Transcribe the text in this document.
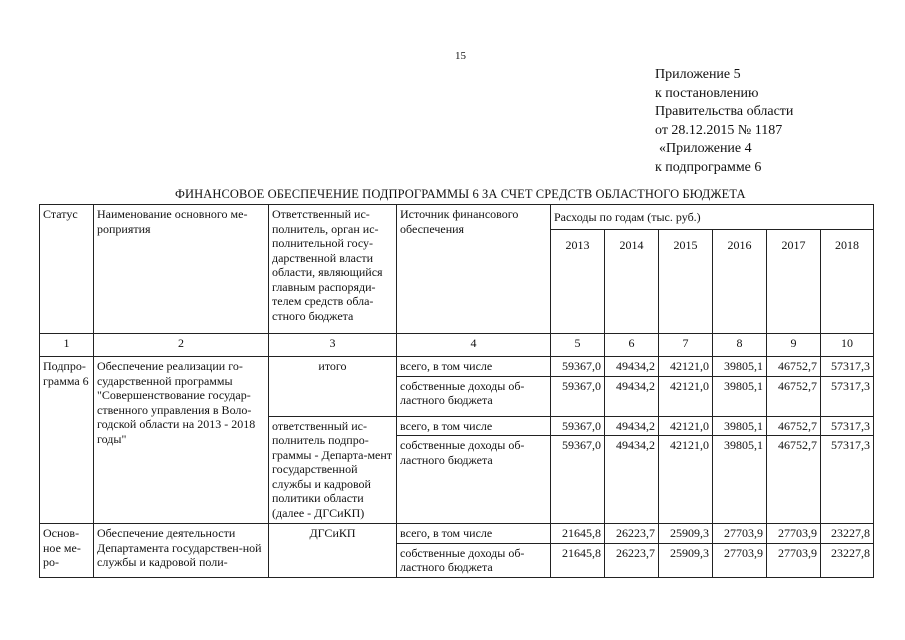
15
Приложение 5
к постановлению
Правительства области
от 28.12.2015 № 1187
«Приложение 4
к подпрограмме 6
ФИНАНСОВОЕ ОБЕСПЕЧЕНИЕ ПОДПРОГРАММЫ 6 ЗА СЧЕТ СРЕДСТВ ОБЛАСТНОГО БЮДЖЕТА
Статус	Наименование основного ме-роприятия	Ответственный ис-полнитель, орган ис-полнительной госу-дарственной власти области, являющийся главным распоряди-телем средств обла-стного бюджета	Источник финансового обеспечения	Расходы по годам (тыс. руб.)					
				2013	2014	2015	2016	2017	2018
1	2	3	4	5	6	7	8	9	10
Подпро-грамма 6	Обеспечение реализации го-сударственной программы "Совершенствование государ-ственного управления в Воло-годской области на 2013 - 2018 годы"	итого	всего, в том числе	59367,0	49434,2	42121,0	39805,1	46752,7	57317,3
			собственные доходы об-ластного бюджета	59367,0	49434,2	42121,0	39805,1	46752,7	57317,3
		ответственный ис-полнитель подпро-граммы - Департа-мент государственной службы и кадровой политики области (далее - ДГСиКП)	всего, в том числе	59367,0	49434,2	42121,0	39805,1	46752,7	57317,3
			собственные доходы об-ластного бюджета	59367,0	49434,2	42121,0	39805,1	46752,7	57317,3
Основ-ное ме-ро-	Обеспечение деятельности Департамента государствен-ной службы и кадровой поли-	ДГСиКП	всего, в том числе	21645,8	26223,7	25909,3	27703,9	27703,9	23227,8
			собственные доходы об-ластного бюджета	21645,8	26223,7	25909,3	27703,9	27703,9	23227,8
